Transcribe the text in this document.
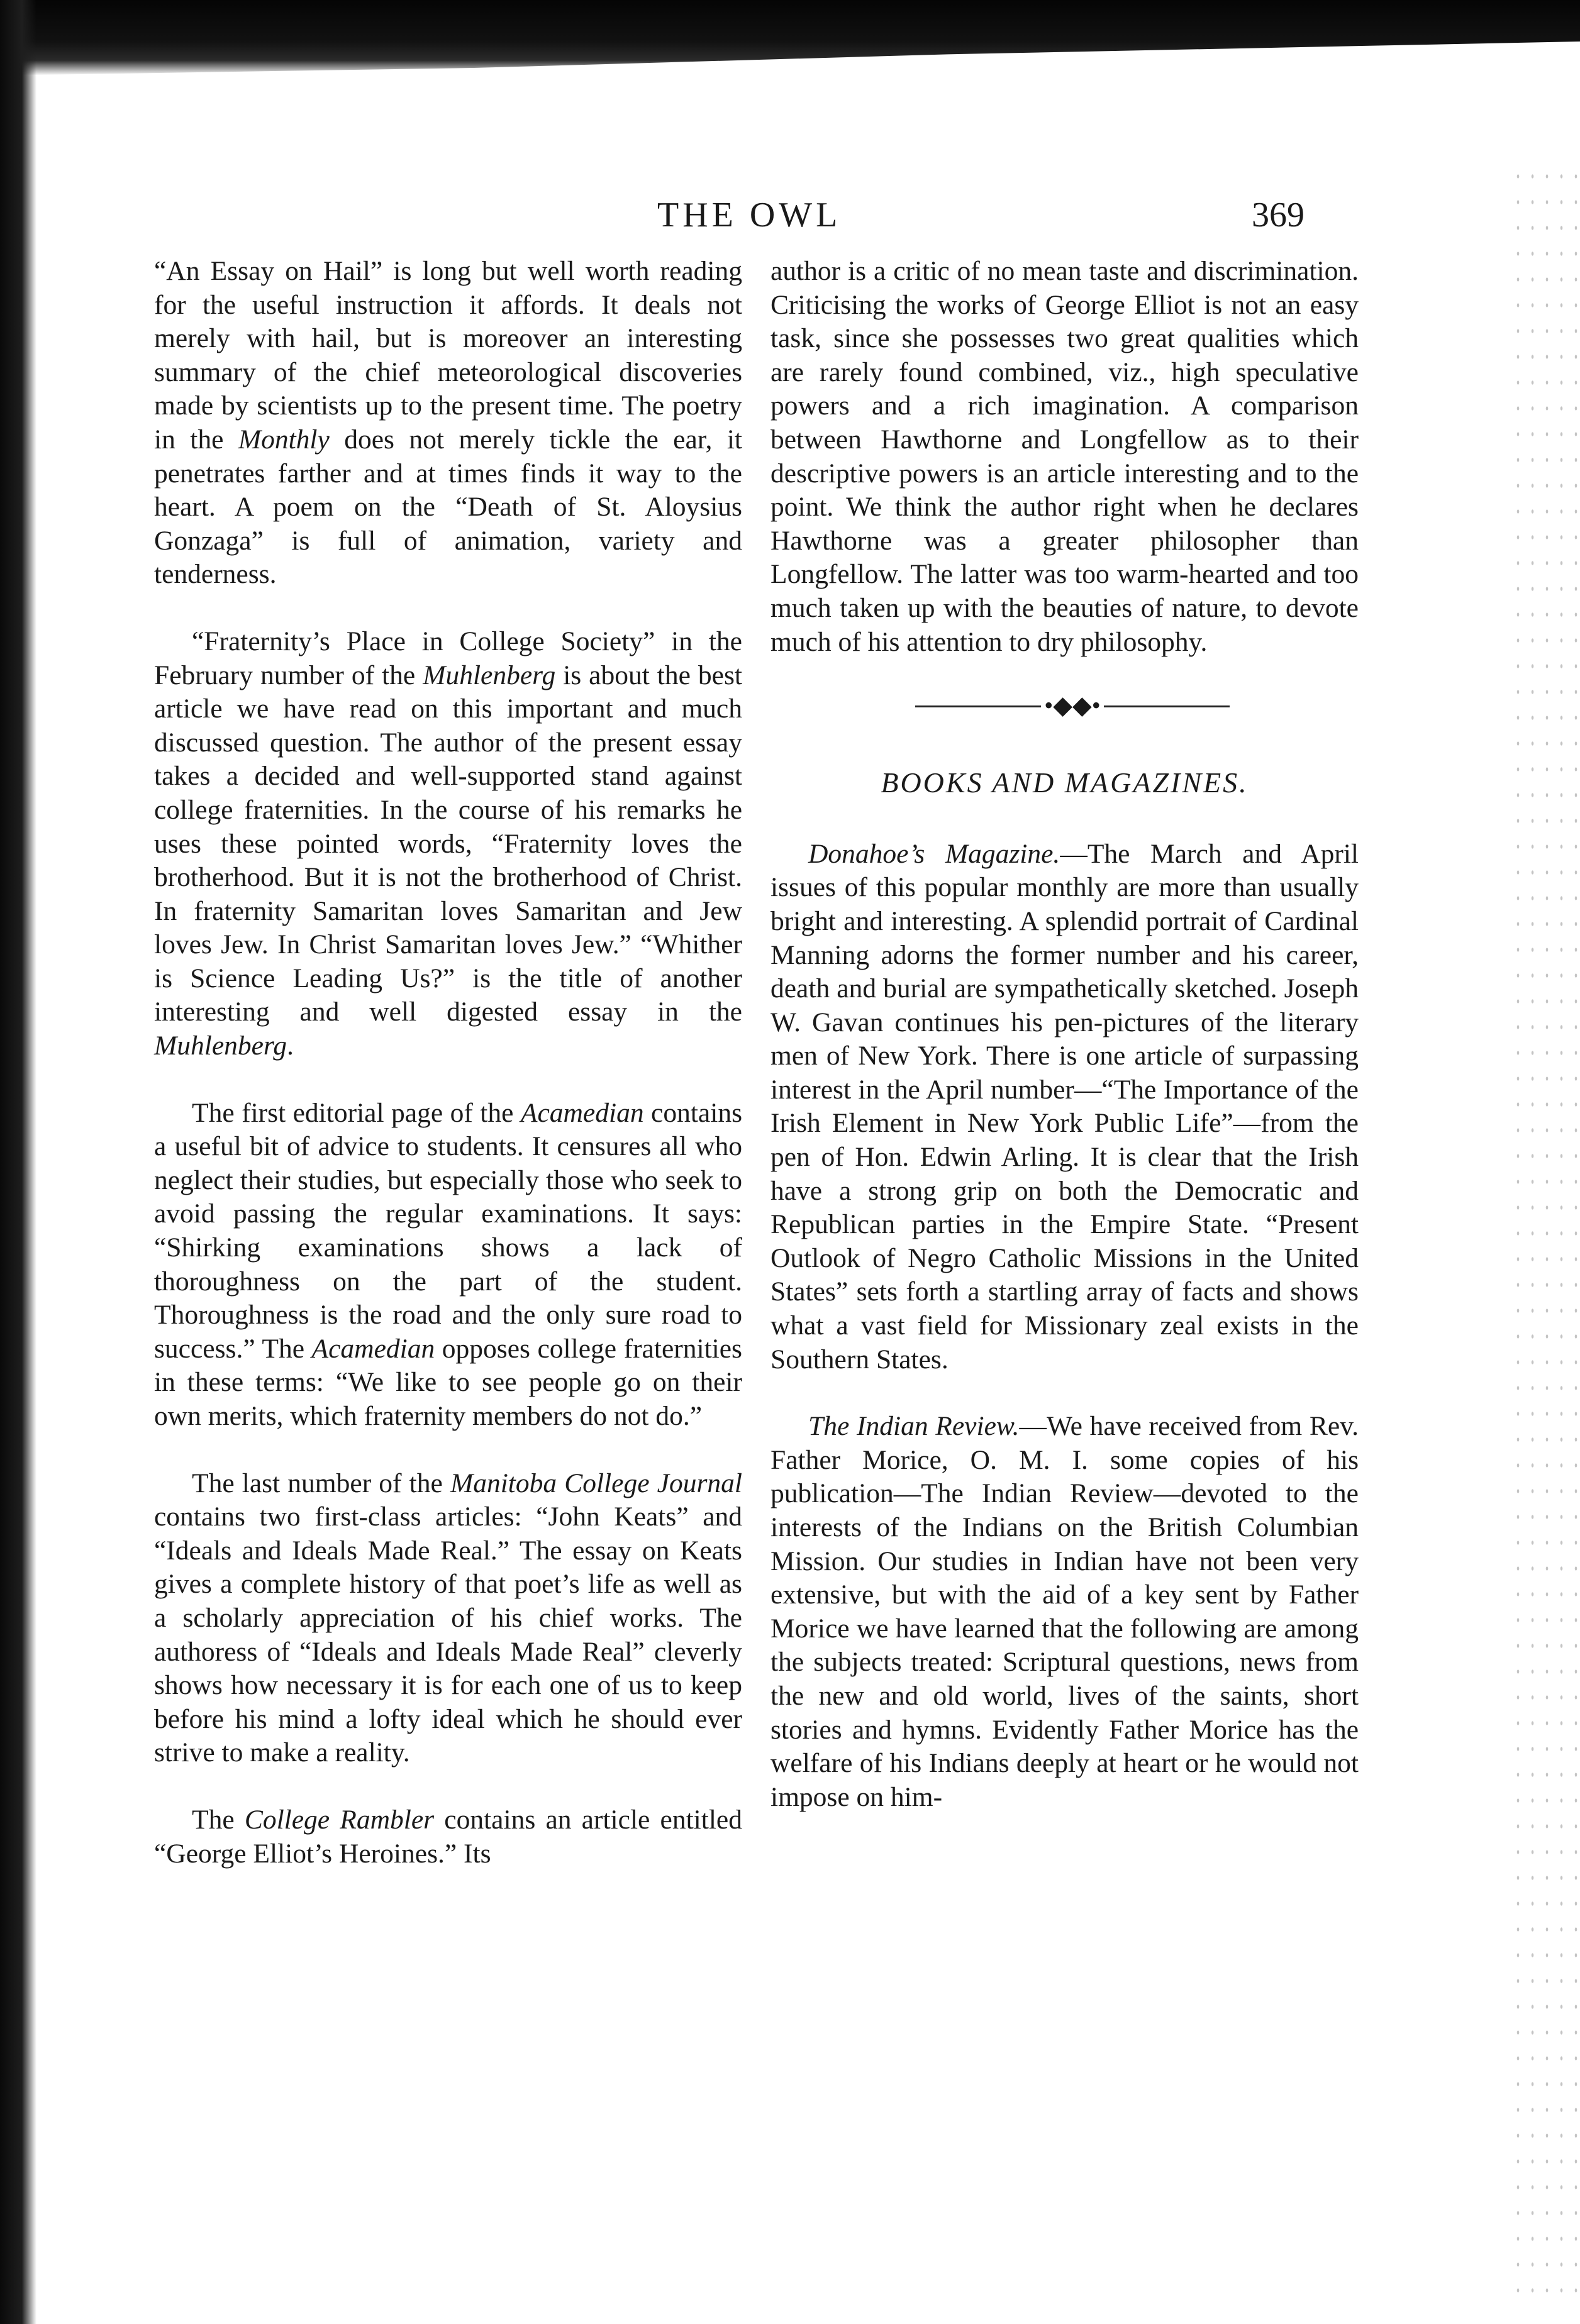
THE OWL	369

“An Essay on Hail” is long but well worth reading for the useful instruction it affords. It deals not merely with hail, but is moreover an interesting summary of the chief meteorological discoveries made by scientists up to the present time. The poetry in the Monthly does not merely tickle the ear, it penetrates farther and at times finds it way to the heart. A poem on the “Death of St. Aloysius Gonzaga” is full of animation, variety and tenderness.

“Fraternity’s Place in College Society” in the February number of the Muhlenberg is about the best article we have read on this important and much discussed question. The author of the present essay takes a decided and well-supported stand against college fraternities. In the course of his remarks he uses these pointed words, “Fraternity loves the brotherhood. But it is not the brotherhood of Christ. In fraternity Samaritan loves Samaritan and Jew loves Jew. In Christ Samaritan loves Jew.” “Whither is Science Leading Us?” is the title of another interesting and well digested essay in the Muhlenberg.

The first editorial page of the Acamedian contains a useful bit of advice to students. It censures all who neglect their studies, but especially those who seek to avoid passing the regular examinations. It says: “Shirking examinations shows a lack of thoroughness on the part of the student. Thoroughness is the road and the only sure road to success.” The Acamedian opposes college fraternities in these terms: “We like to see people go on their own merits, which fraternity members do not do.”

The last number of the Manitoba College Journal contains two first-class articles: “John Keats” and “Ideals and Ideals Made Real.” The essay on Keats gives a complete history of that poet’s life as well as a scholarly appreciation of his chief works. The authoress of “Ideals and Ideals Made Real” cleverly shows how necessary it is for each one of us to keep before his mind a lofty ideal which he should ever strive to make a reality.

The College Rambler contains an article entitled “George Elliot’s Heroines.” Its

author is a critic of no mean taste and discrimination. Criticising the works of George Elliot is not an easy task, since she possesses two great qualities which are rarely found combined, viz., high speculative powers and a rich imagination. A comparison between Hawthorne and Longfellow as to their descriptive powers is an article interesting and to the point. We think the author right when he declares Hawthorne was a greater philosopher than Longfellow. The latter was too warm-hearted and too much taken up with the beauties of nature, to devote much of his attention to dry philosophy.

•◆◆•
BOOKS AND MAGAZINES.

Donahoe’s Magazine.—The March and April issues of this popular monthly are more than usually bright and interesting. A splendid portrait of Cardinal Manning adorns the former number and his career, death and burial are sympathetically sketched. Joseph W. Gavan continues his pen-pictures of the literary men of New York. There is one article of surpassing interest in the April number—“The Importance of the Irish Element in New York Public Life”—from the pen of Hon. Edwin Arling. It is clear that the Irish have a strong grip on both the Democratic and Republican parties in the Empire State. “Present Outlook of Negro Catholic Missions in the United States” sets forth a startling array of facts and shows what a vast field for Missionary zeal exists in the Southern States.

The Indian Review.—We have received from Rev. Father Morice, O. M. I. some copies of his publication—The Indian Review—devoted to the interests of the Indians on the British Columbian Mission. Our studies in Indian have not been very extensive, but with the aid of a key sent by Father Morice we have learned that the following are among the subjects treated: Scriptural questions, news from the new and old world, lives of the saints, short stories and hymns. Evidently Father Morice has the welfare of his Indians deeply at heart or he would not impose on him-
